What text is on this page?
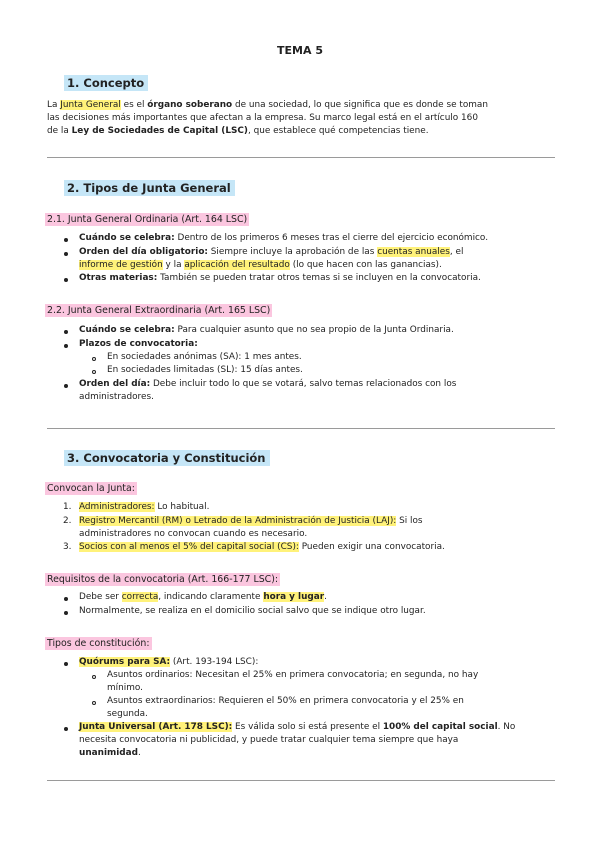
TEMA 5
1. Concepto
La Junta General es el órgano soberano de una sociedad, lo que significa que es donde se toman
las decisiones más importantes que afectan a la empresa. Su marco legal está en el artículo 160
de la Ley de Sociedades de Capital (LSC), que establece qué competencias tiene.
2. Tipos de Junta General
2.1. Junta General Ordinaria (Art. 164 LSC)
Cuándo se celebra: Dentro de los primeros 6 meses tras el cierre del ejercicio económico.
Orden del día obligatorio: Siempre incluye la aprobación de las cuentas anuales, el
informe de gestión y la aplicación del resultado (lo que hacen con las ganancias).
Otras materias: También se pueden tratar otros temas si se incluyen en la convocatoria.
2.2. Junta General Extraordinaria (Art. 165 LSC)
Cuándo se celebra: Para cualquier asunto que no sea propio de la Junta Ordinaria.
Plazos de convocatoria:
En sociedades anónimas (SA): 1 mes antes.
En sociedades limitadas (SL): 15 días antes.
Orden del día: Debe incluir todo lo que se votará, salvo temas relacionados con los
administradores.
3. Convocatoria y Constitución
Convocan la Junta:
1. Administradores: Lo habitual.
2. Registro Mercantil (RM) o Letrado de la Administración de Justicia (LAJ): Si los
administradores no convocan cuando es necesario.
3. Socios con al menos el 5% del capital social (CS): Pueden exigir una convocatoria.
Requisitos de la convocatoria (Art. 166-177 LSC):
Debe ser correcta, indicando claramente hora y lugar.
Normalmente, se realiza en el domicilio social salvo que se indique otro lugar.
Tipos de constitución:
Quórums para SA: (Art. 193-194 LSC):
Asuntos ordinarios: Necesitan el 25% en primera convocatoria; en segunda, no hay
mínimo.
Asuntos extraordinarios: Requieren el 50% en primera convocatoria y el 25% en
segunda.
Junta Universal (Art. 178 LSC): Es válida solo si está presente el 100% del capital social. No
necesita convocatoria ni publicidad, y puede tratar cualquier tema siempre que haya
unanimidad.
